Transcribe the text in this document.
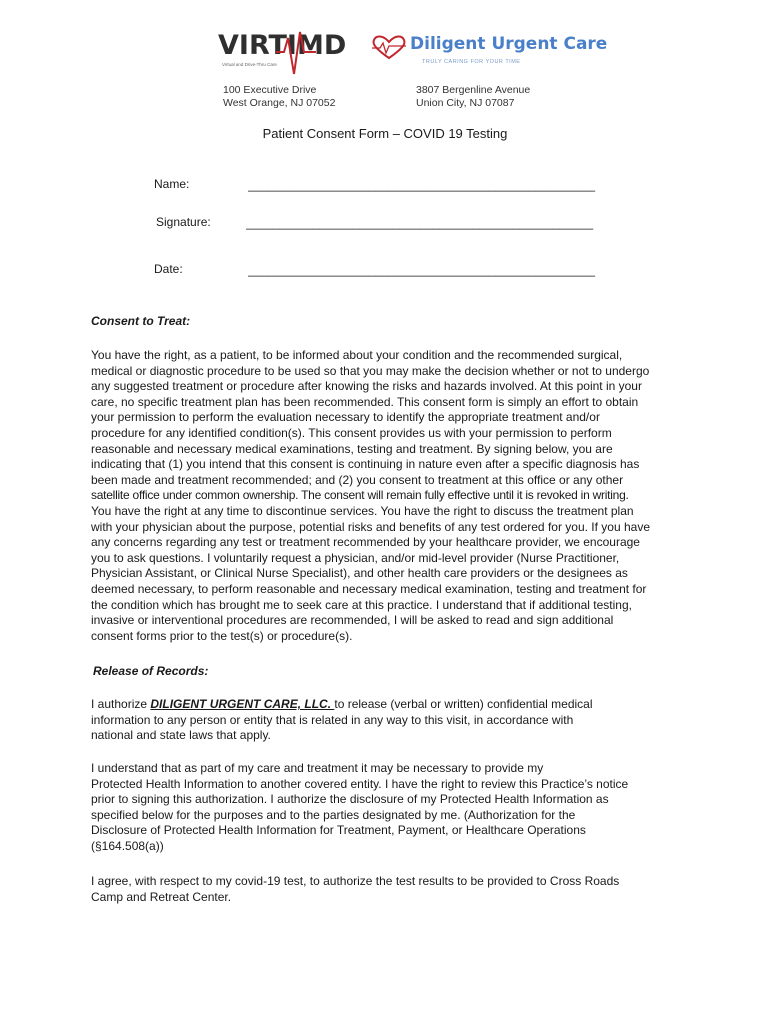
VIRTIMD
Virtual and Drive-Thru Care
100 Executive Drive
West Orange, NJ 07052
Diligent Urgent Care
TRULY CARING FOR YOUR TIME
3807 Bergenline Avenue
Union City, NJ 07087
Patient Consent Form – COVID 19 Testing
Name:	____________________________________________________
Signature:	____________________________________________________
Date:	____________________________________________________
Consent to Treat:
You have the right, as a patient, to be informed about your condition and the recommended surgical,
medical or diagnostic procedure to be used so that you may make the decision whether or not to undergo
any suggested treatment or procedure after knowing the risks and hazards involved. At this point in your
care, no specific treatment plan has been recommended. This consent form is simply an effort to obtain
your permission to perform the evaluation necessary to identify the appropriate treatment and/or
procedure for any identified condition(s). This consent provides us with your permission to perform
reasonable and necessary medical examinations, testing and treatment. By signing below, you are
indicating that (1) you intend that this consent is continuing in nature even after a specific diagnosis has
been made and treatment recommended; and (2) you consent to treatment at this office or any other
satellite office under common ownership. The consent will remain fully effective until it is revoked in writing.
You have the right at any time to discontinue services. You have the right to discuss the treatment plan
with your physician about the purpose, potential risks and benefits of any test ordered for you. If you have
any concerns regarding any test or treatment recommended by your healthcare provider, we encourage
you to ask questions. I voluntarily request a physician, and/or mid-level provider (Nurse Practitioner,
Physician Assistant, or Clinical Nurse Specialist), and other health care providers or the designees as
deemed necessary, to perform reasonable and necessary medical examination, testing and treatment for
the condition which has brought me to seek care at this practice. I understand that if additional testing,
invasive or interventional procedures are recommended, I will be asked to read and sign additional
consent forms prior to the test(s) or procedure(s).
Release of Records:
I authorize DILIGENT URGENT CARE, LLC. to release (verbal or written) confidential medical
information to any person or entity that is related in any way to this visit, in accordance with
national and state laws that apply.
I understand that as part of my care and treatment it may be necessary to provide my
Protected Health Information to another covered entity. I have the right to review this Practice’s notice
prior to signing this authorization. I authorize the disclosure of my Protected Health Information as
specified below for the purposes and to the parties designated by me. (Authorization for the
Disclosure of Protected Health Information for Treatment, Payment, or Healthcare Operations
(§164.508(a))
I agree, with respect to my covid-19 test, to authorize the test results to be provided to Cross Roads
Camp and Retreat Center.
